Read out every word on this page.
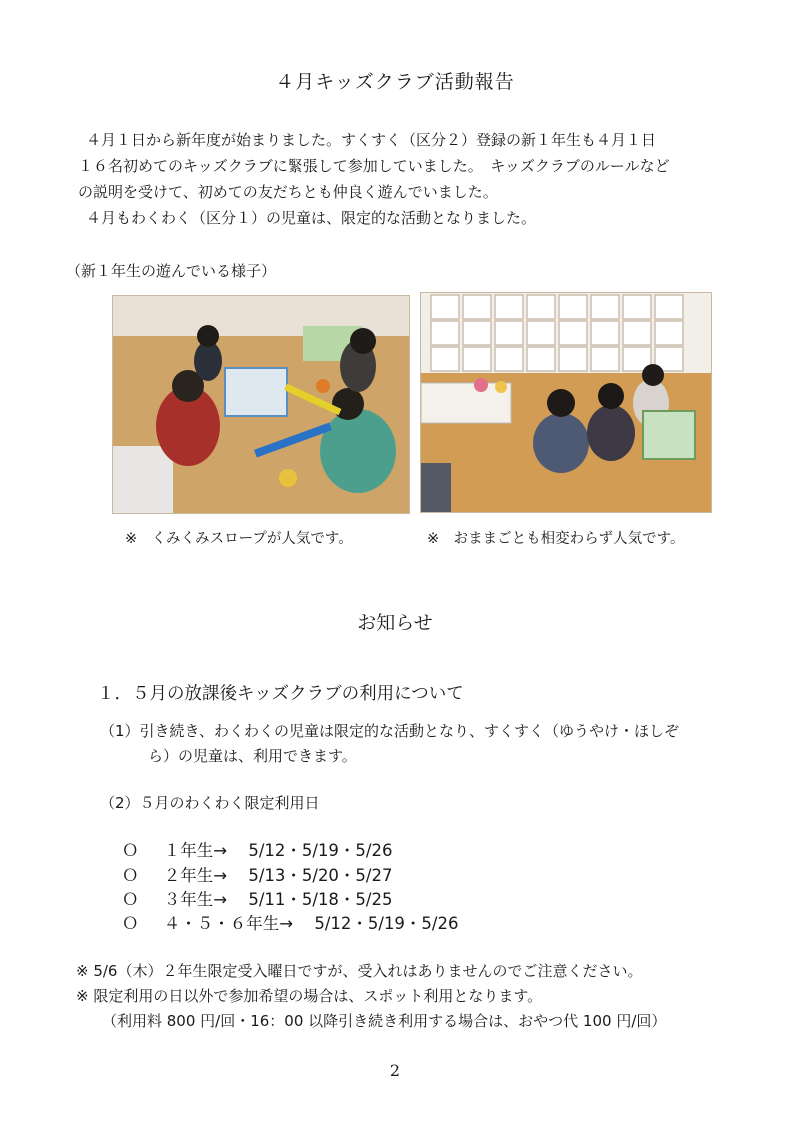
４月キッズクラブ活動報告
４月１日から新年度が始まりました。すくすく（区分２）登録の新１年生も４月１日
１６名初めてのキッズクラブに緊張して参加していました。　キッズクラブのルールなど
の説明を受けて、初めての友だちとも仲良く遊んでいました。
４月もわくわく（区分１）の児童は、限定的な活動となりました。
（新１年生の遊んでいる様子）
※　くみくみスロープが人気です。	※　おままごとも相変わらず人気です。
お知らせ
１．５月の放課後キッズクラブの利用について
（1）引き続き、わくわくの児童は限定的な活動となり、すくすく（ゆうやけ・ほしぞ
ら）の児童は、利用できます。
（2）５月のわくわく限定利用日
Ｏ １年生→ 5/12・5/19・5/26
Ｏ ２年生→ 5/13・5/20・5/27
Ｏ ３年生→ 5/11・5/18・5/25
Ｏ ４・５・６年生→ 5/12・5/19・5/26
※ 5/6（木）２年生限定受入曜日ですが、受入れはありませんのでご注意ください。
※ 限定利用の日以外で参加希望の場合は、スポット利用となります。
（利用料 800 円/回・16：00 以降引き続き利用する場合は、おやつ代 100 円/回）
2
